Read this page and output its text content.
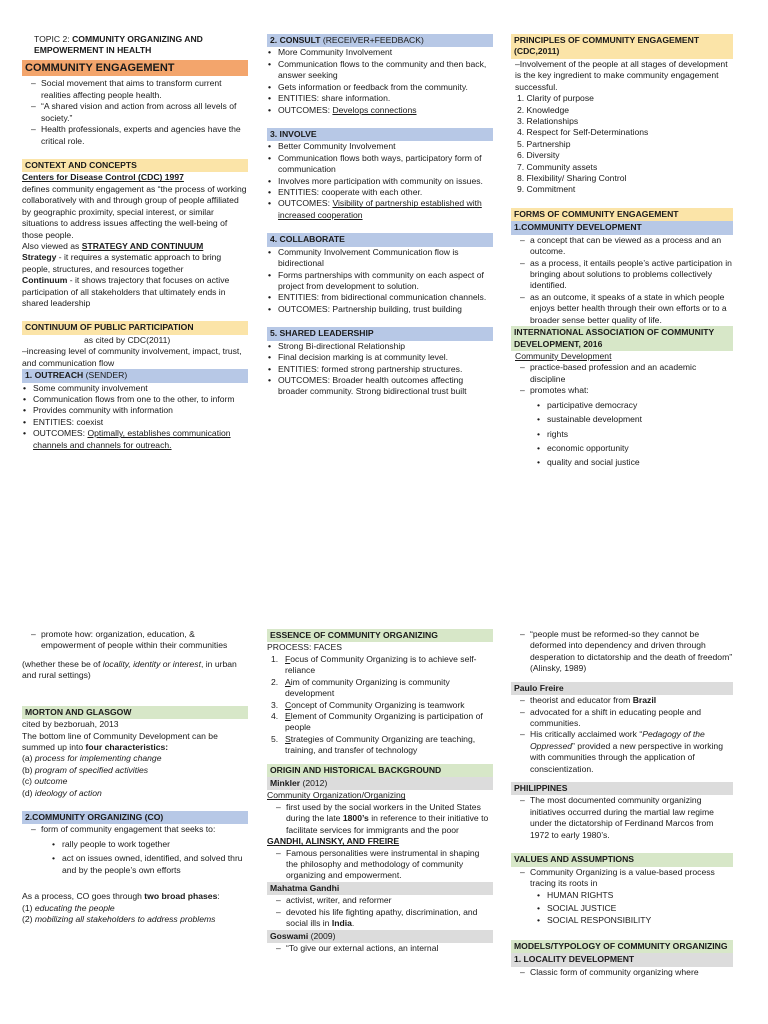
TOPIC 2: COMMUNITY ORGANIZING AND EMPOWERMENT IN HEALTH
COMMUNITY ENGAGEMENT
– Social movement that aims to transform current realities affecting people health.
– “A shared vision and action from across all levels of society.”
– Health professionals, experts and agencies have the critical role.
CONTEXT AND CONCEPTS
Centers for Disease Control (CDC) 1997

defines community engagement as “the process of working collaboratively with and through group of people affiliated by geographic proximity, special interest, or similar situations to address issues affecting the well-being of those people.

Also viewed as STRATEGY AND CONTINUUM

Strategy - it requires a systematic approach to bring people, structures, and resources together

Continuum - it shows trajectory that focuses on active participation of all stakeholders that ultimately ends in shared leadership

CONTINUUM OF PUBLIC PARTICIPATION
as cited by CDC(2011)

–increasing level of community involvement, impact, trust, and communication flow

1. OUTREACH (SENDER)
• Some community involvement
• Communication flows from one to the other, to inform
• Provides community with information
• ENTITIES: coexist
• OUTCOMES: Optimally, establishes communication channels and channels for outreach.
2. CONSULT (RECEIVER+FEEDBACK)
• More Community Involvement
• Communication flows to the community and then back, answer seeking
• Gets information or feedback from the community.
• ENTITIES: share information.
• OUTCOMES: Develops connections
3. INVOLVE
• Better Community Involvement
• Communication flows both ways, participatory form of communication
• Involves more participation with community on issues.
• ENTITIES: cooperate with each other.
• OUTCOMES: Visibility of partnership established with increased cooperation
4. COLLABORATE
• Community Involvement Communication flow is bidirectional
• Forms partnerships with community on each aspect of project from development to solution.
• ENTITIES: from bidirectional communication channels.
• OUTCOMES: Partnership building, trust building
5. SHARED LEADERSHIP
• Strong Bi-directional Relationship
• Final decision marking is at community level.
• ENTITIES: formed strong partnership structures.
• OUTCOMES: Broader health outcomes affecting broader community. Strong bidirectional trust built
PRINCIPLES OF COMMUNITY ENGAGEMENT (CDC,2011)

–Involvement of the people at all stages of development is the key ingredient to make community engagement successful.

1. Clarity of purpose
2. Knowledge
3. Relationships
4. Respect for Self-Determinations
5. Partnership
6. Diversity
7. Community assets
8. Flexibility/ Sharing Control
9. Commitment
FORMS OF COMMUNITY ENGAGEMENT
1.COMMUNITY DEVELOPMENT
– a concept that can be viewed as a process and an outcome.
– as a process, it entails people’s active participation in bringing about solutions to problems collectively identified.
– as an outcome, it speaks of a state in which people enjoys better health through their own efforts or to a broader sense better quality of life.
INTERNATIONAL ASSOCIATION OF COMMUNITY DEVELOPMENT, 2016
Community Development
– practice-based profession and an academic discipline
– promotes what:
• participative democracy
• sustainable development
• rights
• economic opportunity
• quality and social justice
– promote how: organization, education, & empowerment of people within their communities

(whether these be of locality, identity or interest, in urban and rural settings)

MORTON AND GLASGOW
cited by bezboruah, 2013

The bottom line of Community Development can be summed up into four characteristics:

(a) process for implementing change
(b) program of specified activities
(c) outcome
(d) ideology of action
2.COMMUNITY ORGANIZING (CO)
– form of community engagement that seeks to:
• rally people to work together
• act on issues owned, identified, and solved thru and by the people’s own efforts

As a process, CO goes through two broad phases:

(1) educating the people
(2) mobilizing all stakeholders to address problems
ESSENCE OF COMMUNITY ORGANIZING
PROCESS: FACES
1. Focus of Community Organizing is to achieve self-reliance
2. Aim of community Organizing is community development
3. Concept of Community Organizing is teamwork
4. Element of Community Organizing is participation of people
5. Strategies of Community Organizing are teaching, training, and transfer of technology
ORIGIN AND HISTORICAL BACKGROUND
Minkler (2012)
Community Organization/Organizing
– first used by the social workers in the United States during the late 1800’s in reference to their initiative to facilitate services for immigrants and the poor
GANDHI, ALINSKY, AND FREIRE
– Famous personalities were instrumental in shaping the philosophy and methodology of community organizing and empowerment.
Mahatma Gandhi
– activist, writer, and reformer
– devoted his life fighting apathy, discrimination, and social ills in India.
Goswami (2009)
– “To give our external actions, an internal
– “people must be reformed-so they cannot be deformed into dependency and driven through desperation to dictatorship and the death of freedom” (Alinsky, 1989)
Paulo Freire
– theorist and educator from Brazil
– advocated for a shift in educating people and communities.
– His critically acclaimed work “Pedagogy of the Oppressed” provided a new perspective in working with communities through the application of conscientization.
PHILIPPINES
– The most documented community organizing initiatives occurred during the martial law regime under the dictatorship of Ferdinand Marcos from 1972 to early 1980’s.
VALUES AND ASSUMPTIONS
– Community Organizing is a value-based process tracing its roots in
• HUMAN RIGHTS
• SOCIAL JUSTICE
• SOCIAL RESPONSIBILITY
MODELS/TYPOLOGY OF COMMUNITY ORGANIZING
1. LOCALITY DEVELOPMENT
– Classic form of community organizing where
